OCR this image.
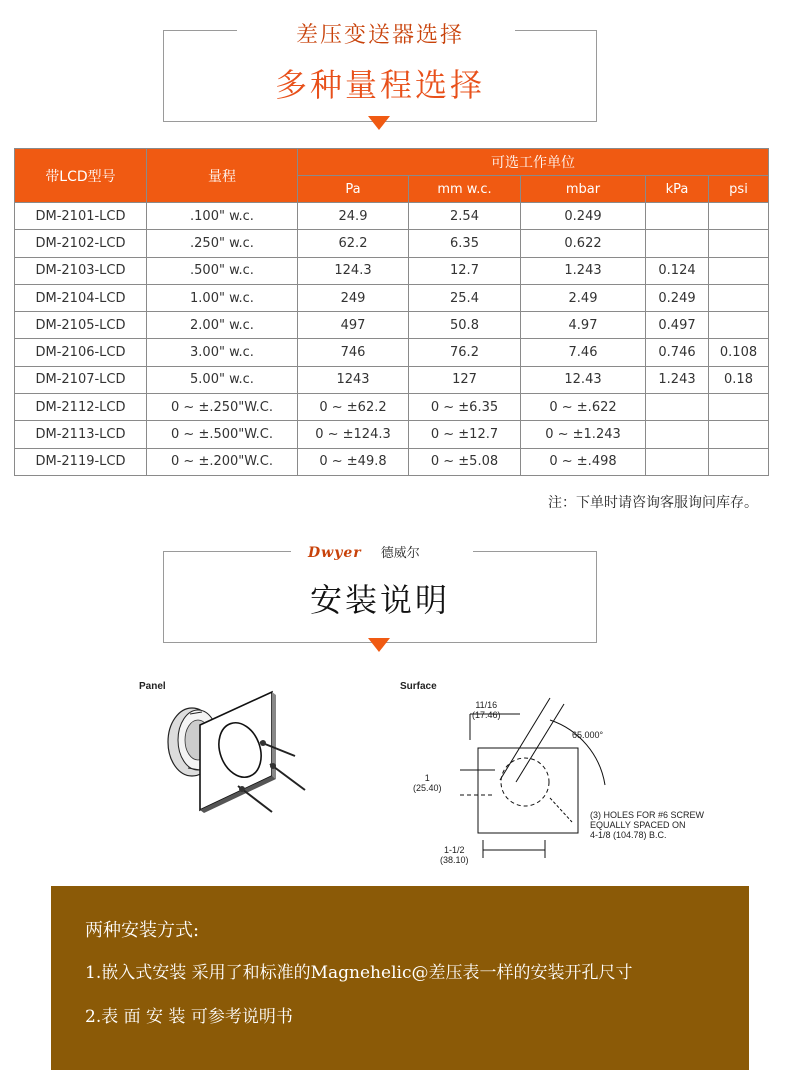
差压变送器选择
多种量程选择
带LCD型号	量程	可选工作单位				
		Pa	mm w.c.	mbar	kPa	psi
DM-2101-LCD	.100" w.c.	24.9	2.54	0.249		
DM-2102-LCD	.250" w.c.	62.2	6.35	0.622		
DM-2103-LCD	.500" w.c.	124.3	12.7	1.243	0.124	
DM-2104-LCD	1.00" w.c.	249	25.4	2.49	0.249	
DM-2105-LCD	2.00" w.c.	497	50.8	4.97	0.497	
DM-2106-LCD	3.00" w.c.	746	76.2	7.46	0.746	0.108
DM-2107-LCD	5.00" w.c.	1243	127	12.43	1.243	0.18
DM-2112-LCD	0 ~ ±.250"W.C.	0 ~ ±62.2	0 ~ ±6.35	0 ~ ±.622		
DM-2113-LCD	0 ~ ±.500"W.C.	0 ~ ±124.3	0 ~ ±12.7	0 ~ ±1.243		
DM-2119-LCD	0 ~ ±.200"W.C.	0 ~ ±49.8	0 ~ ±5.08	0 ~ ±.498		
注：下单时请咨询客服询问库存。
Dwyer 德威尔
安装说明
Panel	Surface
11/16
(17.46)
65.000°
1
(25.40)
(3) HOLES FOR #6 SCREW
EQUALLY SPACED ON
4-1/8 (104.78) B.C.
1-1/2
(38.10)
两种安装方式:
1.嵌入式安装 采用了和标准的Magnehelic@差压表一样的安装开孔尺寸
2.表 面 安 装 可参考说明书
